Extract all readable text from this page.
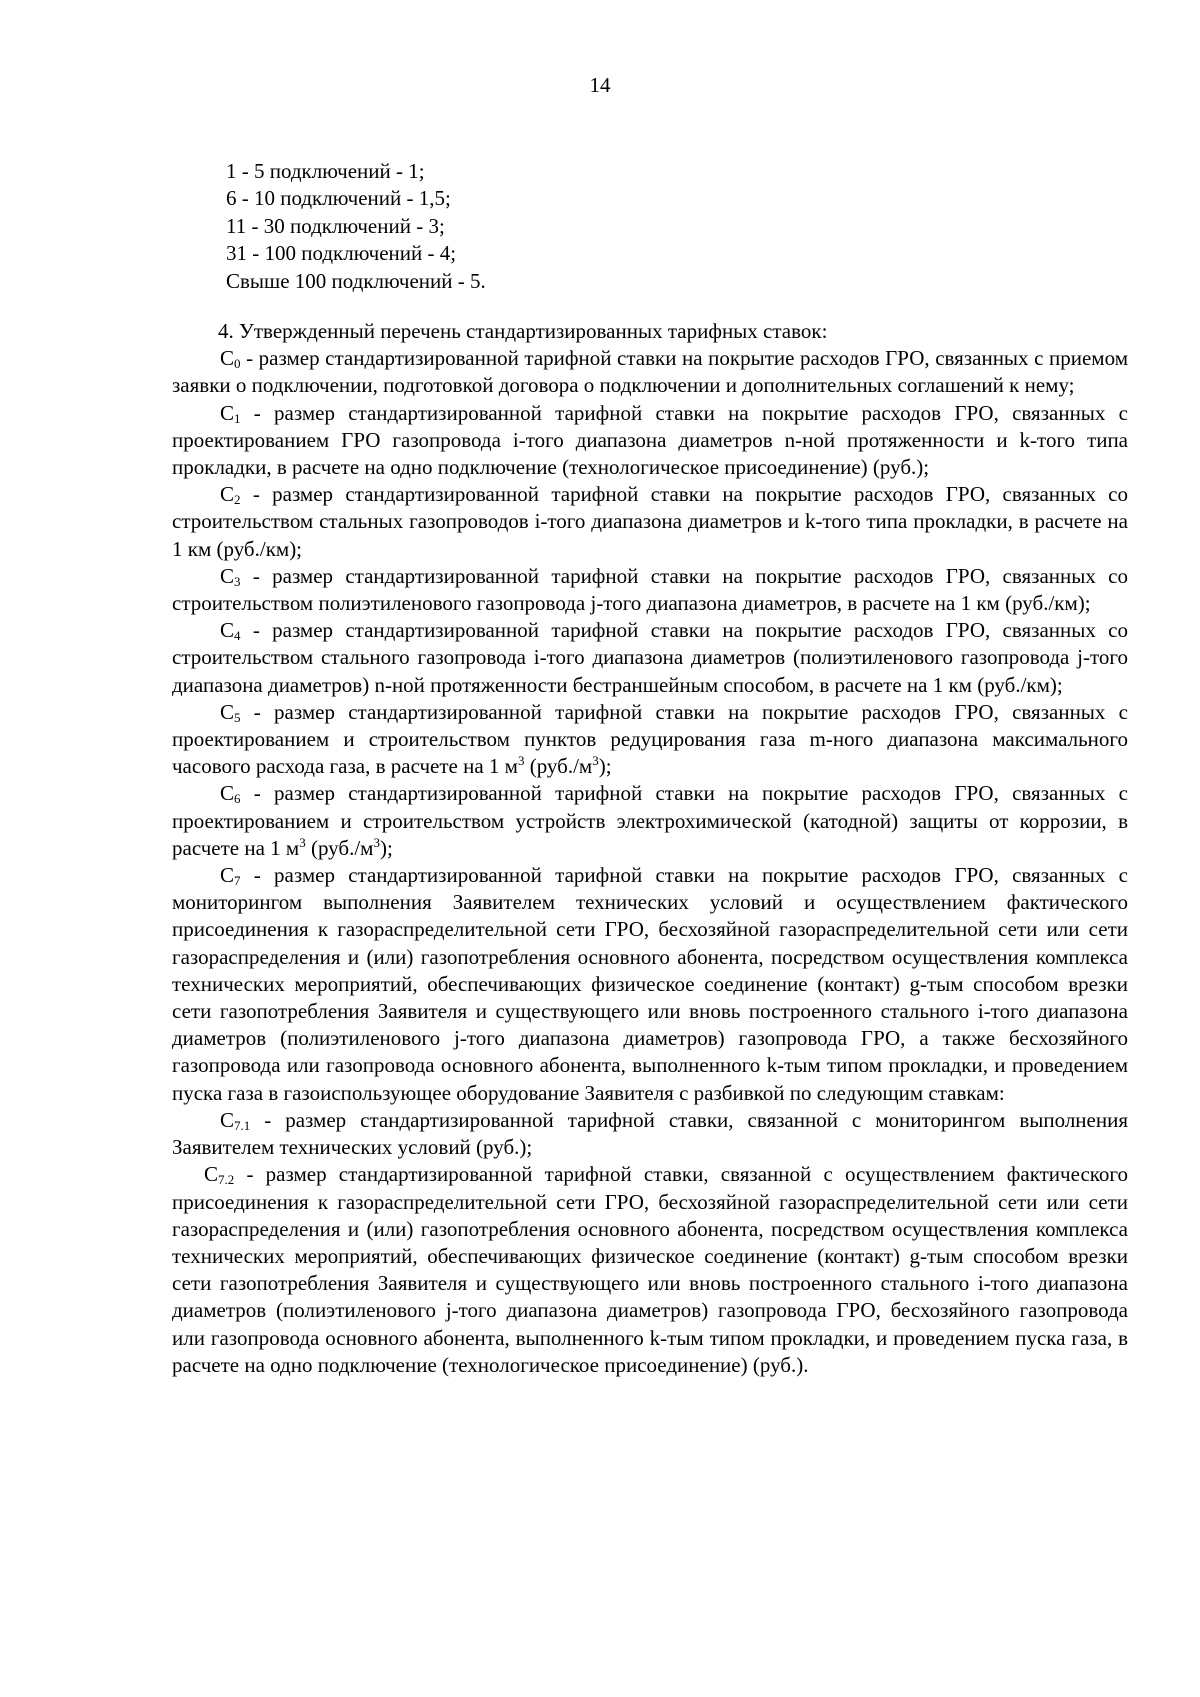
14
1 - 5 подключений - 1;
6 - 10 подключений - 1,5;
11 - 30 подключений - 3;
31 - 100 подключений - 4;
Свыше 100 подключений - 5.

4. Утвержденный перечень стандартизированных тарифных ставок:

$C_0$ - размер стандартизированной тарифной ставки на покрытие расходов ГРО, связанных с приемом заявки о подключении, подготовкой договора о подключении и дополнительных соглашений к нему;

$C_1$ - размер стандартизированной тарифной ставки на покрытие расходов ГРО, связанных с проектированием ГРО газопровода i-того диапазона диаметров n-ной протяженности и k-того типа прокладки, в расчете на одно подключение (технологическое присоединение) (руб.);

$C_2$ - размер стандартизированной тарифной ставки на покрытие расходов ГРО, связанных со строительством стальных газопроводов i-того диапазона диаметров и k-того типа прокладки, в расчете на 1 км (руб./км);

$C_3$ - размер стандартизированной тарифной ставки на покрытие расходов ГРО, связанных со строительством полиэтиленового газопровода j-того диапазона диаметров, в расчете на 1 км (руб./км);

$C_4$ - размер стандартизированной тарифной ставки на покрытие расходов ГРО, связанных со строительством стального газопровода i-того диапазона диаметров (полиэтиленового газопровода j-того диапазона диаметров) n-ной протяженности бестраншейным способом, в расчете на 1 км (руб./км);

$C_5$ - размер стандартизированной тарифной ставки на покрытие расходов ГРО, связанных с проектированием и строительством пунктов редуцирования газа m-ного диапазона максимального часового расхода газа, в расчете на 1 $м^3$ $(руб./м^3)$;

$C_6$ - размер стандартизированной тарифной ставки на покрытие расходов ГРО, связанных с проектированием и строительством устройств электрохимической (катодной) защиты от коррозии, в расчете на 1 $м^3$ $(руб./м^3)$;

$C_7$ - размер стандартизированной тарифной ставки на покрытие расходов ГРО, связанных с мониторингом выполнения Заявителем технических условий и осуществлением фактического присоединения к газораспределительной сети ГРО, бесхозяйной газораспределительной сети или сети газораспределения и (или) газопотребления основного абонента, посредством осуществления комплекса технических мероприятий, обеспечивающих физическое соединение (контакт) g-тым способом врезки сети газопотребления Заявителя и существующего или вновь построенного стального i-того диапазона диаметров (полиэтиленового j-того диапазона диаметров) газопровода ГРО, а также бесхозяйного газопровода или газопровода основного абонента, выполненного k-тым типом прокладки, и проведением пуска газа в газоиспользующее оборудование Заявителя с разбивкой по следующим ставкам:

$C_{7.1}$ - размер стандартизированной тарифной ставки, связанной с мониторингом выполнения Заявителем технических условий (руб.);

$C_{7.2}$ - размер стандартизированной тарифной ставки, связанной с осуществлением фактического присоединения к газораспределительной сети ГРО, бесхозяйной газораспределительной сети или сети газораспределения и (или) газопотребления основного абонента, посредством осуществления комплекса технических мероприятий, обеспечивающих физическое соединение (контакт) g-тым способом врезки сети газопотребления Заявителя и существующего или вновь построенного стального i-того диапазона диаметров (полиэтиленового j-того диапазона диаметров) газопровода ГРО, бесхозяйного газопровода или газопровода основного абонента, выполненного k-тым типом прокладки, и проведением пуска газа, в расчете на одно подключение (технологическое присоединение) (руб.).
